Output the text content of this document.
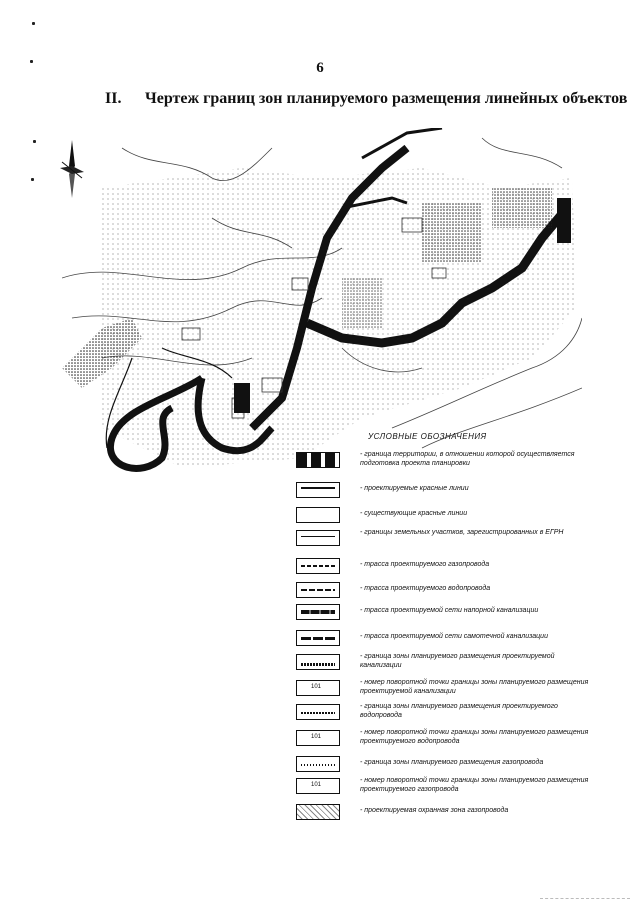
6
II. Чертеж границ зон планируемого размещения линейных объектов
УСЛОВНЫЕ ОБОЗНАЧЕНИЯ
- граница территории, в отношении которой осуществляется подготовка проекта планировки
- проектируемые красные линии
- существующие красные линии
- границы земельных участков, зарегистрированных в ЕГРН
- трасса проектируемого газопровода
- трасса проектируемого водопровода
- трасса проектируемой сети напорной канализации
- трасса проектируемой сети самотечной канализации
- граница зоны планируемого размещения проектируемой канализации
101
- номер поворотной точки границы зоны планируемого размещения проектируемой канализации
- граница зоны планируемого размещения проектируемого водопровода
101
- номер поворотной точки границы зоны планируемого размещения проектируемого водопровода
- граница зоны планируемого размещения газопровода
101
- номер поворотной точки границы зоны планируемого размещения проектируемого газопровода
- проектируемая охранная зона газопровода
